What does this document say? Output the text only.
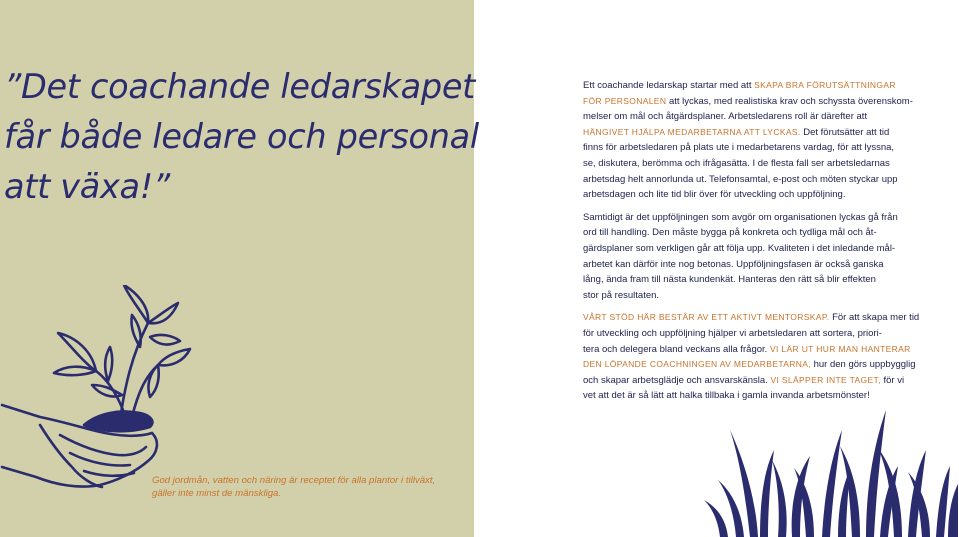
”Det coachande ledarskapet
får både ledare och personal
att växa!”

God jordmån, vatten och näring är receptet för alla plantor i tillväxt,
gäller inte minst de mänskliga.

Ett coachande ledarskap startar med att SKAPA BRA FÖRUTSÄTTNINGAR
FÖR PERSONALEN att lyckas, med realistiska krav och schyssta överenskom-
melser om mål och åtgärdsplaner. Arbetsledarens roll är därefter att
HÄNGIVET HJÄLPA MEDARBETARNA ATT LYCKAS. Det förutsätter att tid
finns för arbetsledaren på plats ute i medarbetarens vardag, för att lyssna,
se, diskutera, berömma och ifrågasätta. I de flesta fall ser arbetsledarnas
arbetsdag helt annorlunda ut. Telefonsamtal, e-post och möten styckar upp
arbetsdagen och lite tid blir över för utveckling och uppföljning.

Samtidigt är det uppföljningen som avgör om organisationen lyckas gå från
ord till handling. Den måste bygga på konkreta och tydliga mål och åt-
gärdsplaner som verkligen går att följa upp. Kvaliteten i det inledande mål-
arbetet kan därför inte nog betonas. Uppföljningsfasen är också ganska
lång, ända fram till nästa kundenkät. Hanteras den rätt så blir effekten
stor på resultaten.

VÅRT STÖD HÄR BESTÅR AV ETT AKTIVT MENTORSKAP. För att skapa mer tid
för utveckling och uppföljning hjälper vi arbetsledaren att sortera, priori-
tera och delegera bland veckans alla frågor. VI LÄR UT HUR MAN HANTERAR
DEN LÖPANDE COACHNINGEN AV MEDARBETARNA, hur den görs uppbygglig
och skapar arbetsglädje och ansvarskänsla. VI SLÄPPER INTE TAGET, för vi
vet att det är så lätt att halka tillbaka i gamla invanda arbetsmönster!
